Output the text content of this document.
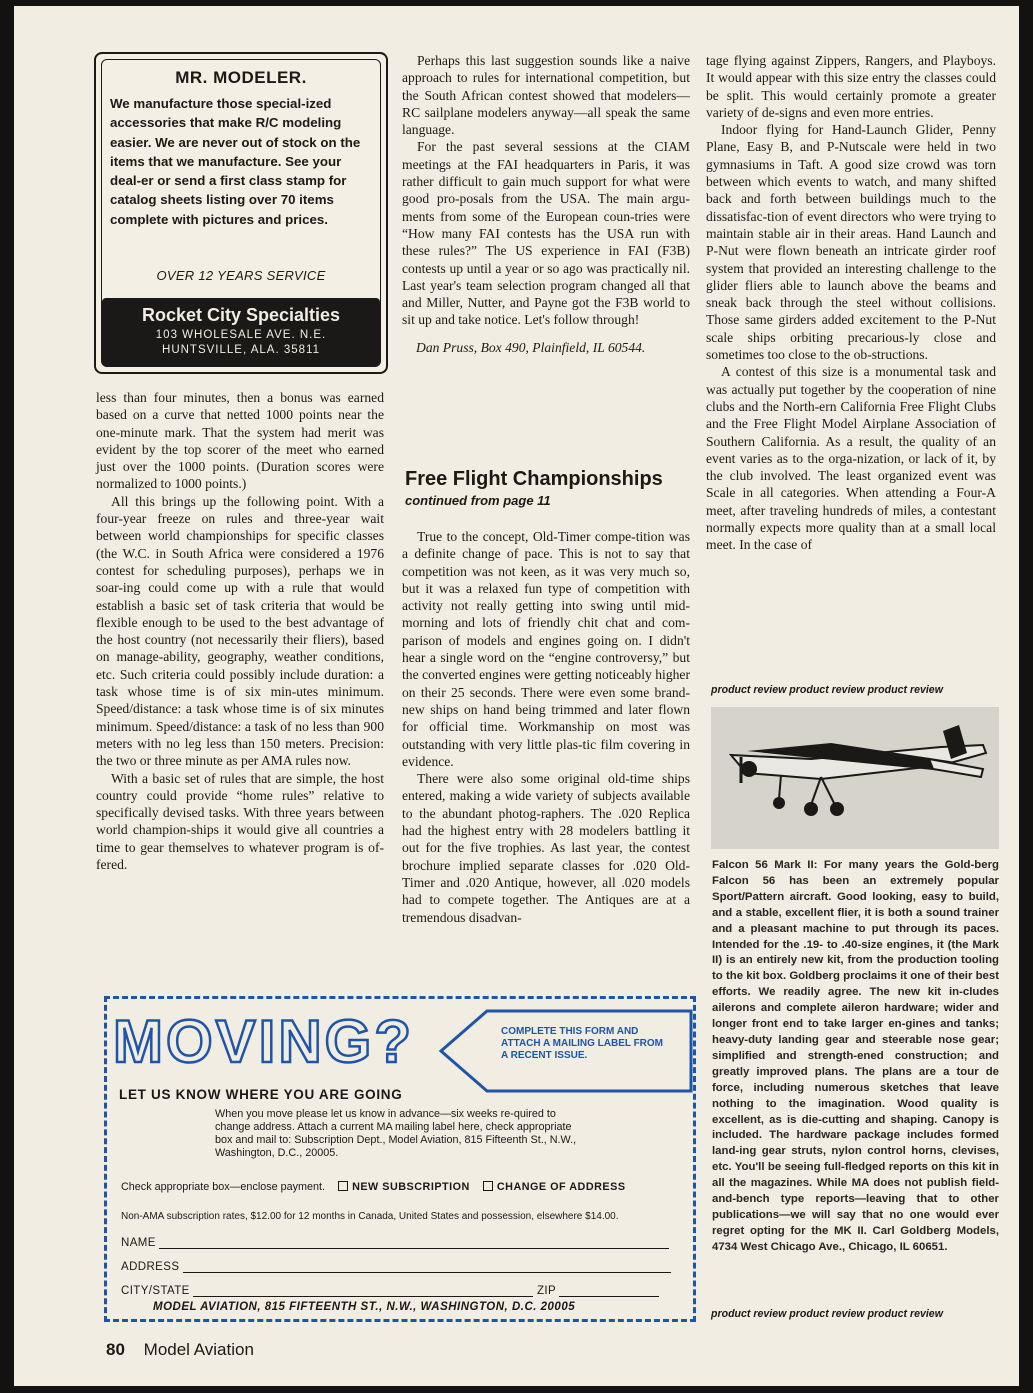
MR. MODELER.
We manufacture those special-ized accessories that make R/C modeling easier. We are never out of stock on the items that we manufacture. See your deal-er or send a first class stamp for catalog sheets listing over 70 items complete with pictures and prices.
OVER 12 YEARS SERVICE
Rocket City Specialties
103 WHOLESALE AVE. N.E.
HUNTSVILLE, ALA. 35811

less than four minutes, then a bonus was earned based on a curve that netted 1000 points near the one-minute mark. That the system had merit was evident by the top scorer of the meet who earned just over the 1000 points. (Duration scores were normalized to 1000 points.)

All this brings up the following point. With a four-year freeze on rules and three-year wait between world championships for specific classes (the W.C. in South Africa were considered a 1976 contest for scheduling purposes), perhaps we in soar-ing could come up with a rule that would establish a basic set of task criteria that would be flexible enough to be used to the best advantage of the host country (not necessarily their fliers), based on manage-ability, geography, weather conditions, etc. Such criteria could possibly include duration: a task whose time is of six min-utes minimum. Speed/distance: a task whose time is of six minutes minimum. Speed/distance: a task of no less than 900 meters with no leg less than 150 meters. Precision: the two or three minute as per AMA rules now.

With a basic set of rules that are simple, the host country could provide “home rules” relative to specifically devised tasks. With three years between world champion-ships it would give all countries a time to gear themselves to whatever program is of-fered.

Perhaps this last suggestion sounds like a naive approach to rules for international competition, but the South African contest showed that modelers—RC sailplane modelers anyway—all speak the same language.

For the past several sessions at the CIAM meetings at the FAI headquarters in Paris, it was rather difficult to gain much support for what were good pro-posals from the USA. The main argu-ments from some of the European coun-tries were “How many FAI contests has the USA run with these rules?” The US experience in FAI (F3B) contests up until a year or so ago was practically nil. Last year's team selection program changed all that and Miller, Nutter, and Payne got the F3B world to sit up and take notice. Let's follow through!

Dan Pruss, Box 490, Plainfield, IL 60544.

Free Flight Championships
continued from page 11

True to the concept, Old-Timer compe-tition was a definite change of pace. This is not to say that competition was not keen, as it was very much so, but it was a relaxed fun type of competition with activity not really getting into swing until mid-morning and lots of friendly chit chat and com-parison of models and engines going on. I didn't hear a single word on the “engine controversy,” but the converted engines were getting noticeably higher on their 25 seconds. There were even some brand-new ships on hand being trimmed and later flown for official time. Workmanship on most was outstanding with very little plas-tic film covering in evidence.

There were also some original old-time ships entered, making a wide variety of subjects available to the abundant photog-raphers. The .020 Replica had the highest entry with 28 modelers battling it out for the five trophies. As last year, the contest brochure implied separate classes for .020 Old-Timer and .020 Antique, however, all .020 models had to compete together. The Antiques are at a tremendous disadvan-

tage flying against Zippers, Rangers, and Playboys. It would appear with this size entry the classes could be split. This would certainly promote a greater variety of de-signs and even more entries.

Indoor flying for Hand-Launch Glider, Penny Plane, Easy B, and P-Nutscale were held in two gymnasiums in Taft. A good size crowd was torn between which events to watch, and many shifted back and forth between buildings much to the dissatisfac-tion of event directors who were trying to maintain stable air in their areas. Hand Launch and P-Nut were flown beneath an intricate girder roof system that provided an interesting challenge to the glider fliers able to launch above the beams and sneak back through the steel without collisions. Those same girders added excitement to the P-Nut scale ships orbiting precarious-ly close and sometimes too close to the ob-structions.

A contest of this size is a monumental task and was actually put together by the cooperation of nine clubs and the North-ern California Free Flight Clubs and the Free Flight Model Airplane Association of Southern California. As a result, the quality of an event varies as to the orga-nization, or lack of it, by the club involved. The least organized event was Scale in all categories. When attending a Four-A meet, after traveling hundreds of miles, a contestant normally expects more quality than at a small local meet. In the case of

product review product review product review
Falcon 56 Mark II: For many years the Gold-berg Falcon 56 has been an extremely popular Sport/Pattern aircraft. Good looking, easy to build, and a stable, excellent flier, it is both a sound trainer and a pleasant machine to put through its paces. Intended for the .19- to .40-size engines, it (the Mark II) is an entirely new kit, from the production tooling to the kit box. Goldberg proclaims it one of their best efforts. We readily agree. The new kit in-cludes ailerons and complete aileron hardware; wider and longer front end to take larger en-gines and tanks; heavy-duty landing gear and steerable nose gear; simplified and strength-ened construction; and greatly improved plans. The plans are a tour de force, including numerous sketches that leave nothing to the imagination. Wood quality is excellent, as is die-cutting and shaping. Canopy is included. The hardware package includes formed land-ing gear struts, nylon control horns, clevises, etc. You'll be seeing full-fledged reports on this kit in all the magazines. While MA does not publish field-and-bench type reports—leaving that to other publications—we will say that no one would ever regret opting for the MK II. Carl Goldberg Models, 4734 West Chicago Ave., Chicago, IL 60651.
product review product review product review
MOVING?	COMPLETE THIS FORM AND ATTACH A MAILING LABEL FROM A RECENT ISSUE.
LET US KNOW WHERE YOU ARE GOING
When you move please let us know in advance—six weeks re-quired to change address. Attach a current MA mailing label here, check appropriate box and mail to: Subscription Dept., Model Aviation, 815 Fifteenth St., N.W., Washington, D.C., 20005.
Check appropriate box—enclose payment.	NEW SUBSCRIPTION	CHANGE OF ADDRESS
Non-AMA subscription rates, $12.00 for 12 months in Canada, United States and possession, elsewhere $14.00.
NAME
ADDRESS
CITY/STATE	ZIP
MODEL AVIATION, 815 FIFTEENTH ST., N.W., WASHINGTON, D.C. 20005
80 Model Aviation
